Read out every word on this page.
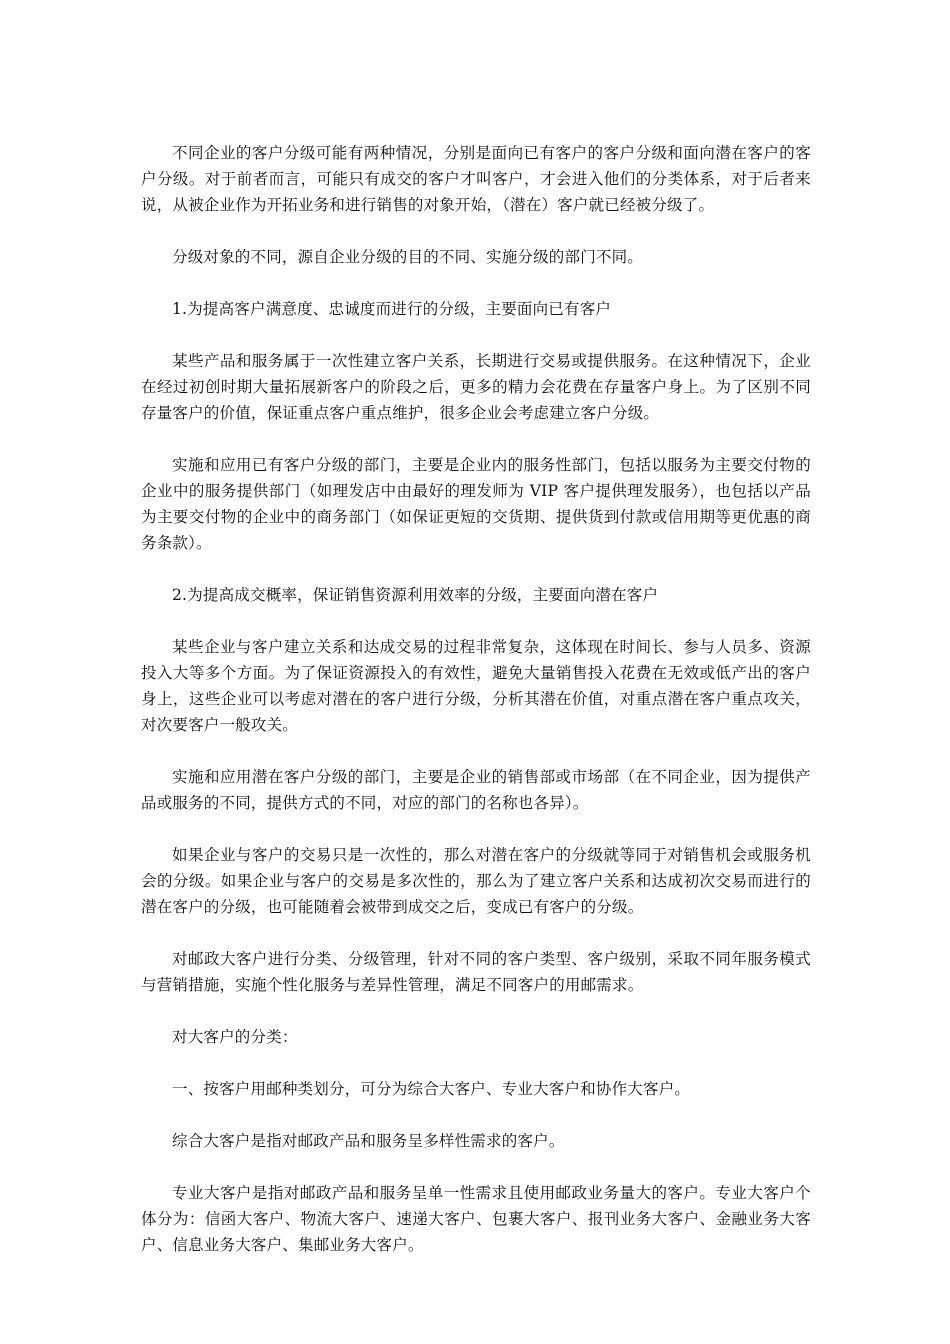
不同企业的客户分级可能有两种情况，分别是面向已有客户的客户分级和面向潜在客户的客户分级。对于前者而言，可能只有成交的客户才叫客户，才会进入他们的分类体系，对于后者来说，从被企业作为开拓业务和进行销售的对象开始，（潜在）客户就已经被分级了。

分级对象的不同，源自企业分级的目的不同、实施分级的部门不同。

1.为提高客户满意度、忠诚度而进行的分级，主要面向已有客户

某些产品和服务属于一次性建立客户关系，长期进行交易或提供服务。在这种情况下，企业在经过初创时期大量拓展新客户的阶段之后，更多的精力会花费在存量客户身上。为了区别不同存量客户的价值，保证重点客户重点维护，很多企业会考虑建立客户分级。

实施和应用已有客户分级的部门，主要是企业内的服务性部门，包括以服务为主要交付物的企业中的服务提供部门（如理发店中由最好的理发师为 VIP 客户提供理发服务），也包括以产品为主要交付物的企业中的商务部门（如保证更短的交货期、提供货到付款或信用期等更优惠的商务条款）。

2.为提高成交概率，保证销售资源利用效率的分级，主要面向潜在客户

某些企业与客户建立关系和达成交易的过程非常复杂，这体现在时间长、参与人员多、资源投入大等多个方面。为了保证资源投入的有效性，避免大量销售投入花费在无效或低产出的客户身上，这些企业可以考虑对潜在的客户进行分级，分析其潜在价值，对重点潜在客户重点攻关，对次要客户一般攻关。

实施和应用潜在客户分级的部门，主要是企业的销售部或市场部（在不同企业，因为提供产品或服务的不同，提供方式的不同，对应的部门的名称也各异）。

如果企业与客户的交易只是一次性的，那么对潜在客户的分级就等同于对销售机会或服务机会的分级。如果企业与客户的交易是多次性的，那么为了建立客户关系和达成初次交易而进行的潜在客户的分级，也可能随着会被带到成交之后，变成已有客户的分级。

对邮政大客户进行分类、分级管理，针对不同的客户类型、客户级别，采取不同年服务模式与营销措施，实施个性化服务与差异性管理，满足不同客户的用邮需求。

对大客户的分类：

一、按客户用邮种类划分，可分为综合大客户、专业大客户和协作大客户。

综合大客户是指对邮政产品和服务呈多样性需求的客户。

专业大客户是指对邮政产品和服务呈单一性需求且使用邮政业务量大的客户。专业大客户个体分为：信函大客户、物流大客户、速递大客户、包裹大客户、报刊业务大客户、金融业务大客户、信息业务大客户、集邮业务大客户。
